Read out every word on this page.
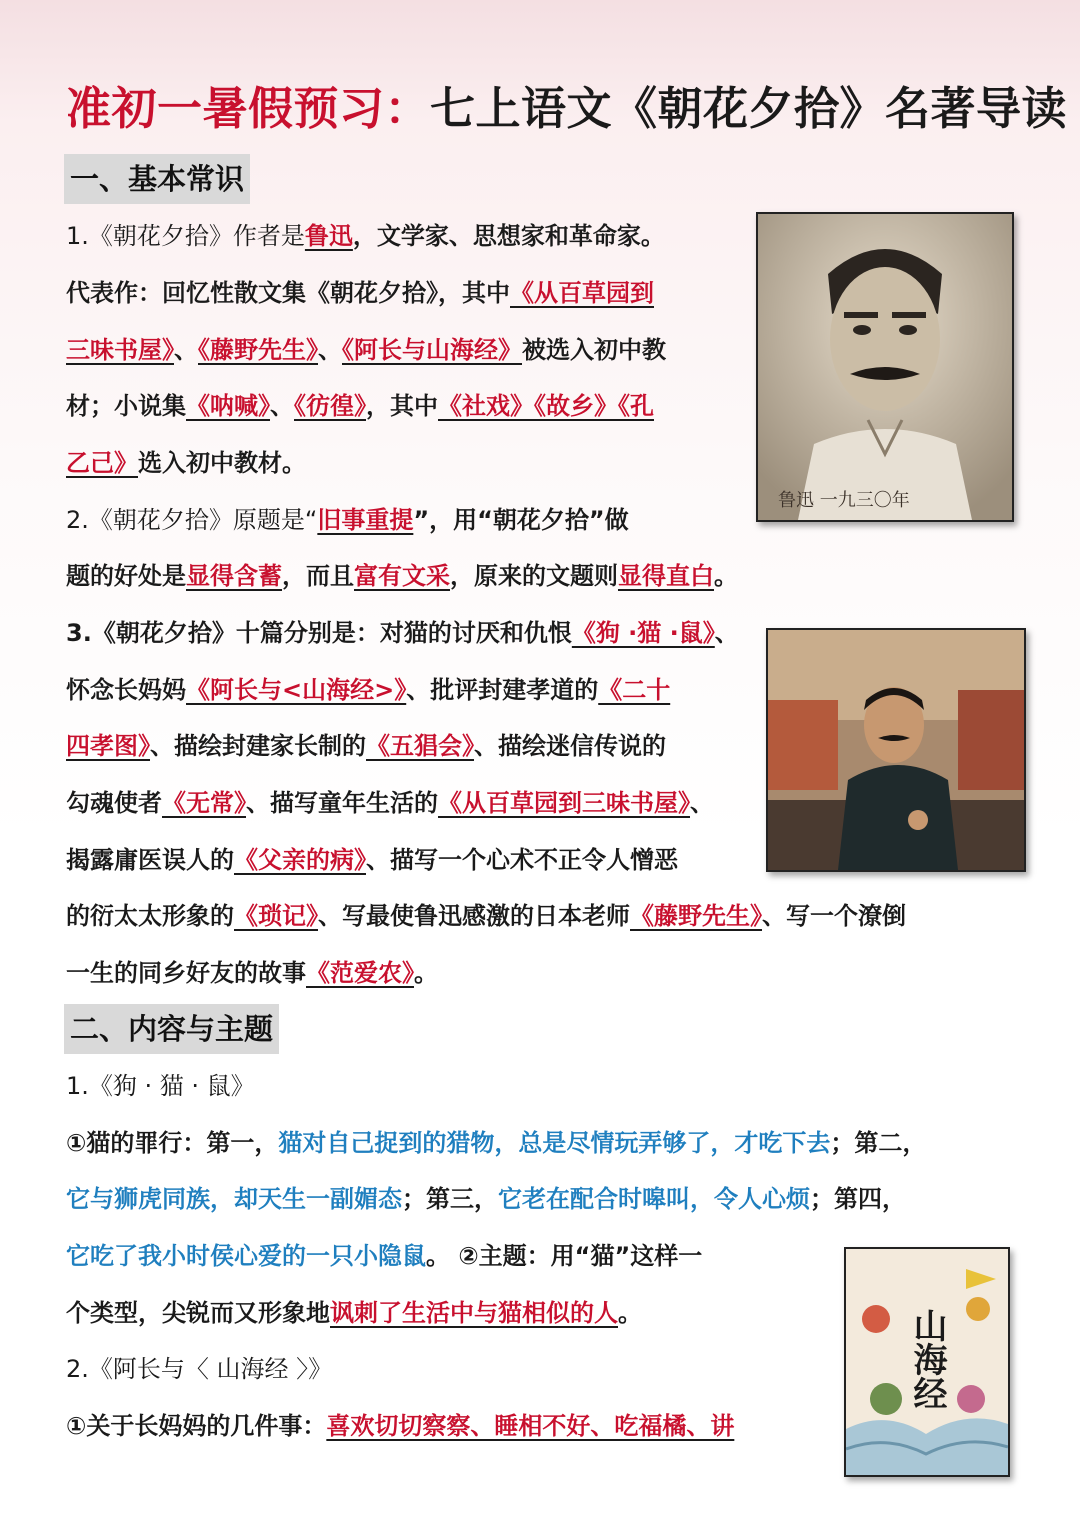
准初一暑假预习：七上语文《朝花夕拾》名著导读
一、基本常识
1.《朝花夕拾》作者是鲁迅，文学家、思想家和革命家。
代表作：回忆性散文集《朝花夕拾》，其中《从百草园到
三味书屋》、《藤野先生》、《阿长与山海经》被选入初中教
材；小说集《呐喊》、《彷徨》，其中《社戏》《故乡》《孔
乙己》选入初中教材。
2.《朝花夕拾》原题是“旧事重提”，用“朝花夕拾”做
题的好处是显得含蓄，而且富有文采，原来的文题则显得直白。
3.《朝花夕拾》十篇分别是：对猫的讨厌和仇恨《狗 ·猫 ·鼠》、
怀念长妈妈《阿长与<山海经>》、批评封建孝道的《二十
四孝图》、描绘封建家长制的《五猖会》、描绘迷信传说的
勾魂使者《无常》、描写童年生活的《从百草园到三味书屋》、
揭露庸医误人的《父亲的病》、描写一个心术不正令人憎恶
的衍太太形象的《琐记》、写最使鲁迅感激的日本老师《藤野先生》、写一个潦倒
一生的同乡好友的故事《范爱农》。
二、内容与主题
1.《狗 · 猫 · 鼠》
①猫的罪行：第一，猫对自己捉到的猎物，总是尽情玩弄够了，才吃下去；第二，
它与狮虎同族，却天生一副媚态；第三，它老在配合时嗥叫，令人心烦；第四，
它吃了我小时侯心爱的一只小隐鼠。 ②主题：用“猫”这样一
个类型，尖锐而又形象地讽刺了生活中与猫相似的人。
2.《阿长与〈 山海经 〉》
①关于长妈妈的几件事：喜欢切切察察、睡相不好、吃福橘、讲
鲁迅 一九三〇年
山海经
